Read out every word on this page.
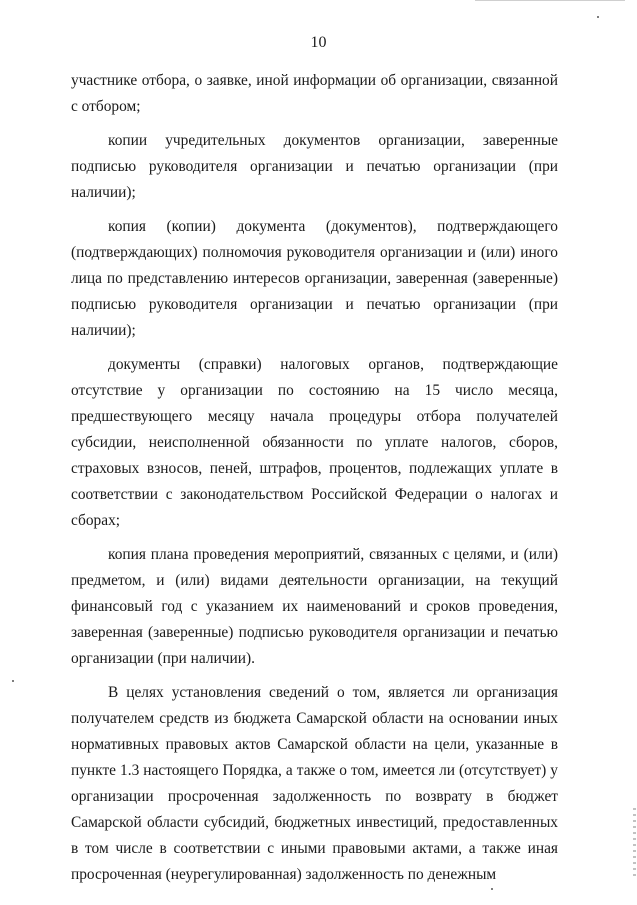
10

участнике отбора, о заявке, иной информации об организации, связанной с отбором;

копии учредительных документов организации, заверенные подписью руководителя организации и печатью организации (при наличии);

копия (копии) документа (документов), подтверждающего (подтверждающих) полномочия руководителя организации и (или) иного лица по представлению интересов организации, заверенная (заверенные) подписью руководителя организации и печатью организации (при наличии);

документы (справки) налоговых органов, подтверждающие отсутствие у организации по состоянию на 15 число месяца, предшествующего месяцу начала процедуры отбора получателей субсидии, неисполненной обязанности по уплате налогов, сборов, страховых взносов, пеней, штрафов, процентов, подлежащих уплате в соответствии с законодательством Российской Федерации о налогах и сборах;

копия плана проведения мероприятий, связанных с целями, и (или) предметом, и (или) видами деятельности организации, на текущий финансовый год с указанием их наименований и сроков проведения, заверенная (заверенные) подписью руководителя организации и печатью организации (при наличии).

В целях установления сведений о том, является ли организация получателем средств из бюджета Самарской области на основании иных нормативных правовых актов Самарской области на цели, указанные в пункте 1.3 настоящего Порядка, а также о том, имеется ли (отсутствует) у организации просроченная задолженность по возврату в бюджет Самарской области субсидий, бюджетных инвестиций, предоставленных в том числе в соответствии с иными правовыми актами, а также иная просроченная (неурегулированная) задолженность по денежным
